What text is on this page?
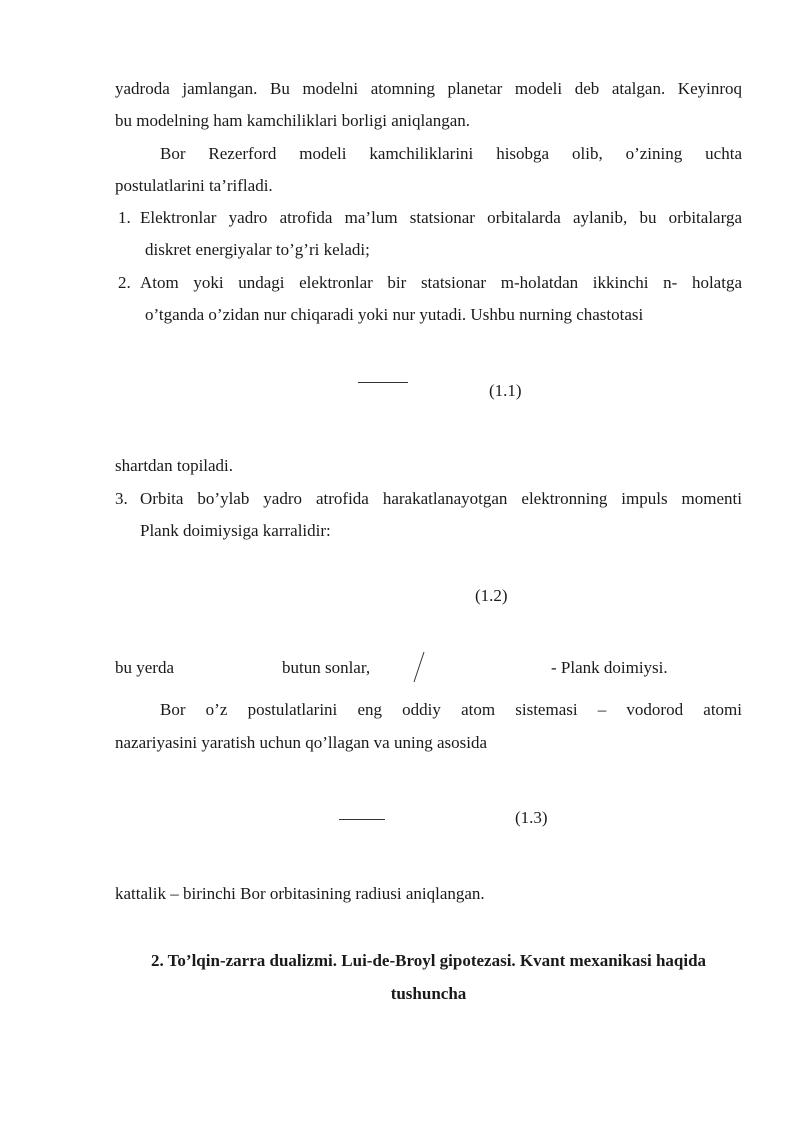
yadroda jamlangan. Bu modelni atomning planetar modeli deb atalgan. Keyinroq
bu modelning ham kamchiliklari borligi aniqlangan.
Bor Rezerford modeli kamchiliklarini hisobga olib, o’zining uchta
postulatlarini ta’rifladi.
1. Elektronlar yadro atrofida ma’lum statsionar orbitalarda aylanib, bu orbitalarga
diskret energiyalar to’g’ri keladi;
2. Atom yoki undagi elektronlar bir statsionar m-holatdan ikkinchi n- holatga
o’tganda o’zidan nur chiqaradi yoki nur yutadi. Ushbu nurning chastotasi
(1.1)
shartdan topiladi.
3. Orbita bo’ylab yadro atrofida harakatlanayotgan elektronning impuls momenti
Plank doimiysiga karralidir:
(1.2)
bu yerda	butun sonlar,	- Plank doimiysi.
Bor o’z postulatlarini eng oddiy atom sistemasi – vodorod atomi
nazariyasini yaratish uchun qo’llagan va uning asosida
(1.3)
kattalik – birinchi Bor orbitasining radiusi aniqlangan.
2. To’lqin-zarra dualizmi. Lui-de-Broyl gipotezasi. Kvant mexanikasi haqida
tushuncha
